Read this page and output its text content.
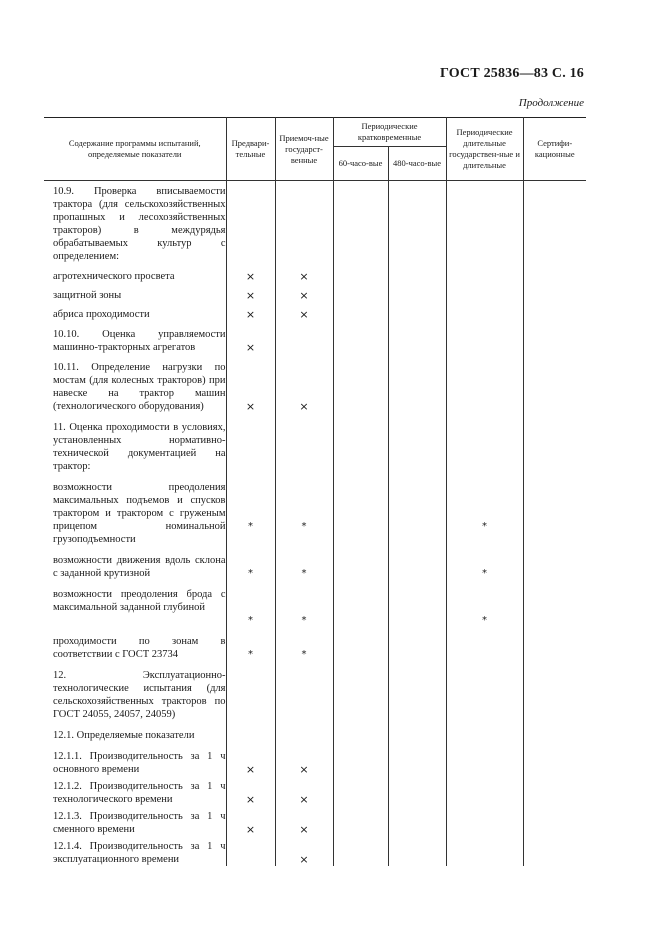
ГОСТ 25836—83 С. 16
Продолжение
Содержание программы испытаний, определяемые показатели	Предвари-тельные	Приемоч-ные государст-венные	Периодические кратковременные		Периодические длительные государствен-ные и длительные	Сертифи-кационные

60-часо-вые	480-часо-вые		

10.9. Проверка вписываемости трактора (для сельскохозяйственных пропашных и лесохозяйственных тракторов) в междурядья обрабатываемых культур с определением:						

агротехнического просвета	×	×				

защитной зоны	×	×				

абриса проходимости	×	×				

10.10. Оценка управляемости машинно-тракторных агрегатов	×					

10.11. Определение нагрузки по мостам (для колесных тракторов) при навеске на трактор машин (технологического оборудования)	×	×				

11. Оценка проходимости в условиях, установленных нормативно-технической документацией на трактор:						

возможности преодоления максимальных подъемов и спусков трактором и трактором с груженым прицепом номинальной грузоподъемности	*	*			*	

возможности движения вдоль склона с заданной крутизной	*	*			*	

возможности преодоления брода с максимальной заданной глубиной	*	*			*	

проходимости по зонам в соответствии с ГОСТ 23734	*	*				

12. Эксплуатационно-технологические испытания (для сельскохозяйственных тракторов по ГОСТ 24055, 24057, 24059)						

12.1. Определяемые показатели						

12.1.1. Производительность за 1 ч основного времени	×	×				

12.1.2. Производительность за 1 ч технологического времени	×	×				

12.1.3. Производительность за 1 ч сменного времени	×	×				

12.1.4. Производительность за 1 ч эксплуатационного времени		×				
